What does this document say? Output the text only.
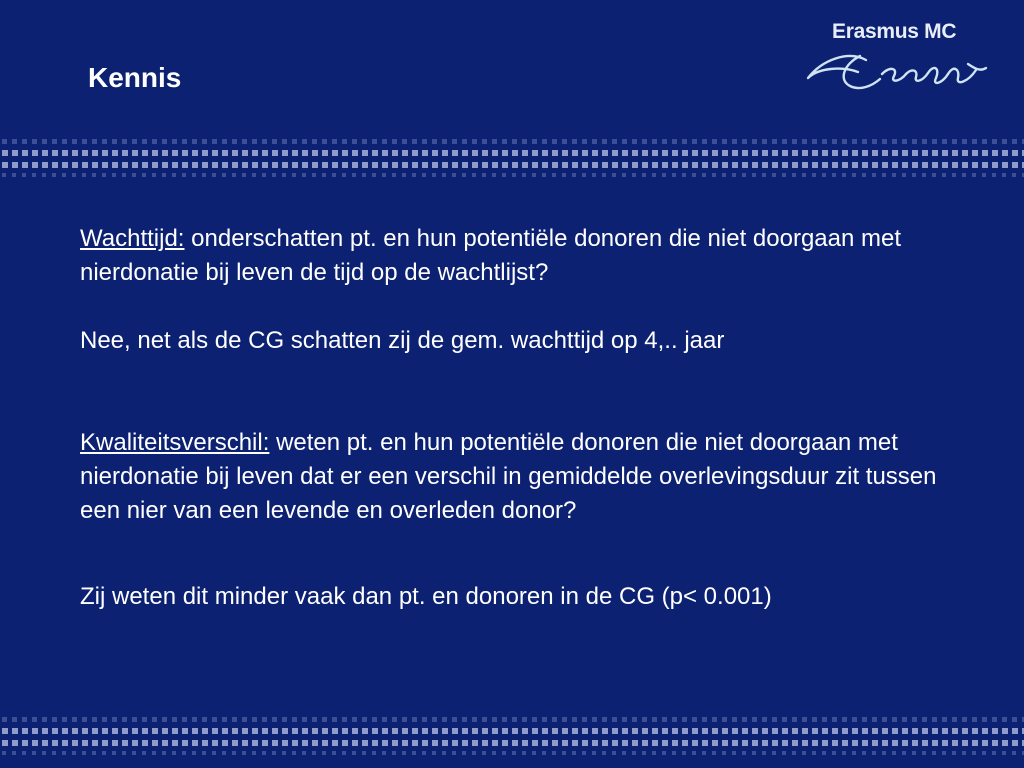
Kennis
Erasmus MC

Wachttijd: onderschatten pt. en hun potentiële donoren die niet doorgaan met nierdonatie bij leven de tijd op de wachtlijst?

Nee, net als de CG schatten zij de gem. wachttijd op 4,.. jaar

Kwaliteitsverschil: weten pt. en hun potentiële donoren die niet doorgaan met nierdonatie bij leven dat er een verschil in gemiddelde overlevingsduur zit tussen een nier van een levende en overleden donor?

Zij weten dit minder vaak dan pt. en donoren in de CG (p< 0.001)
